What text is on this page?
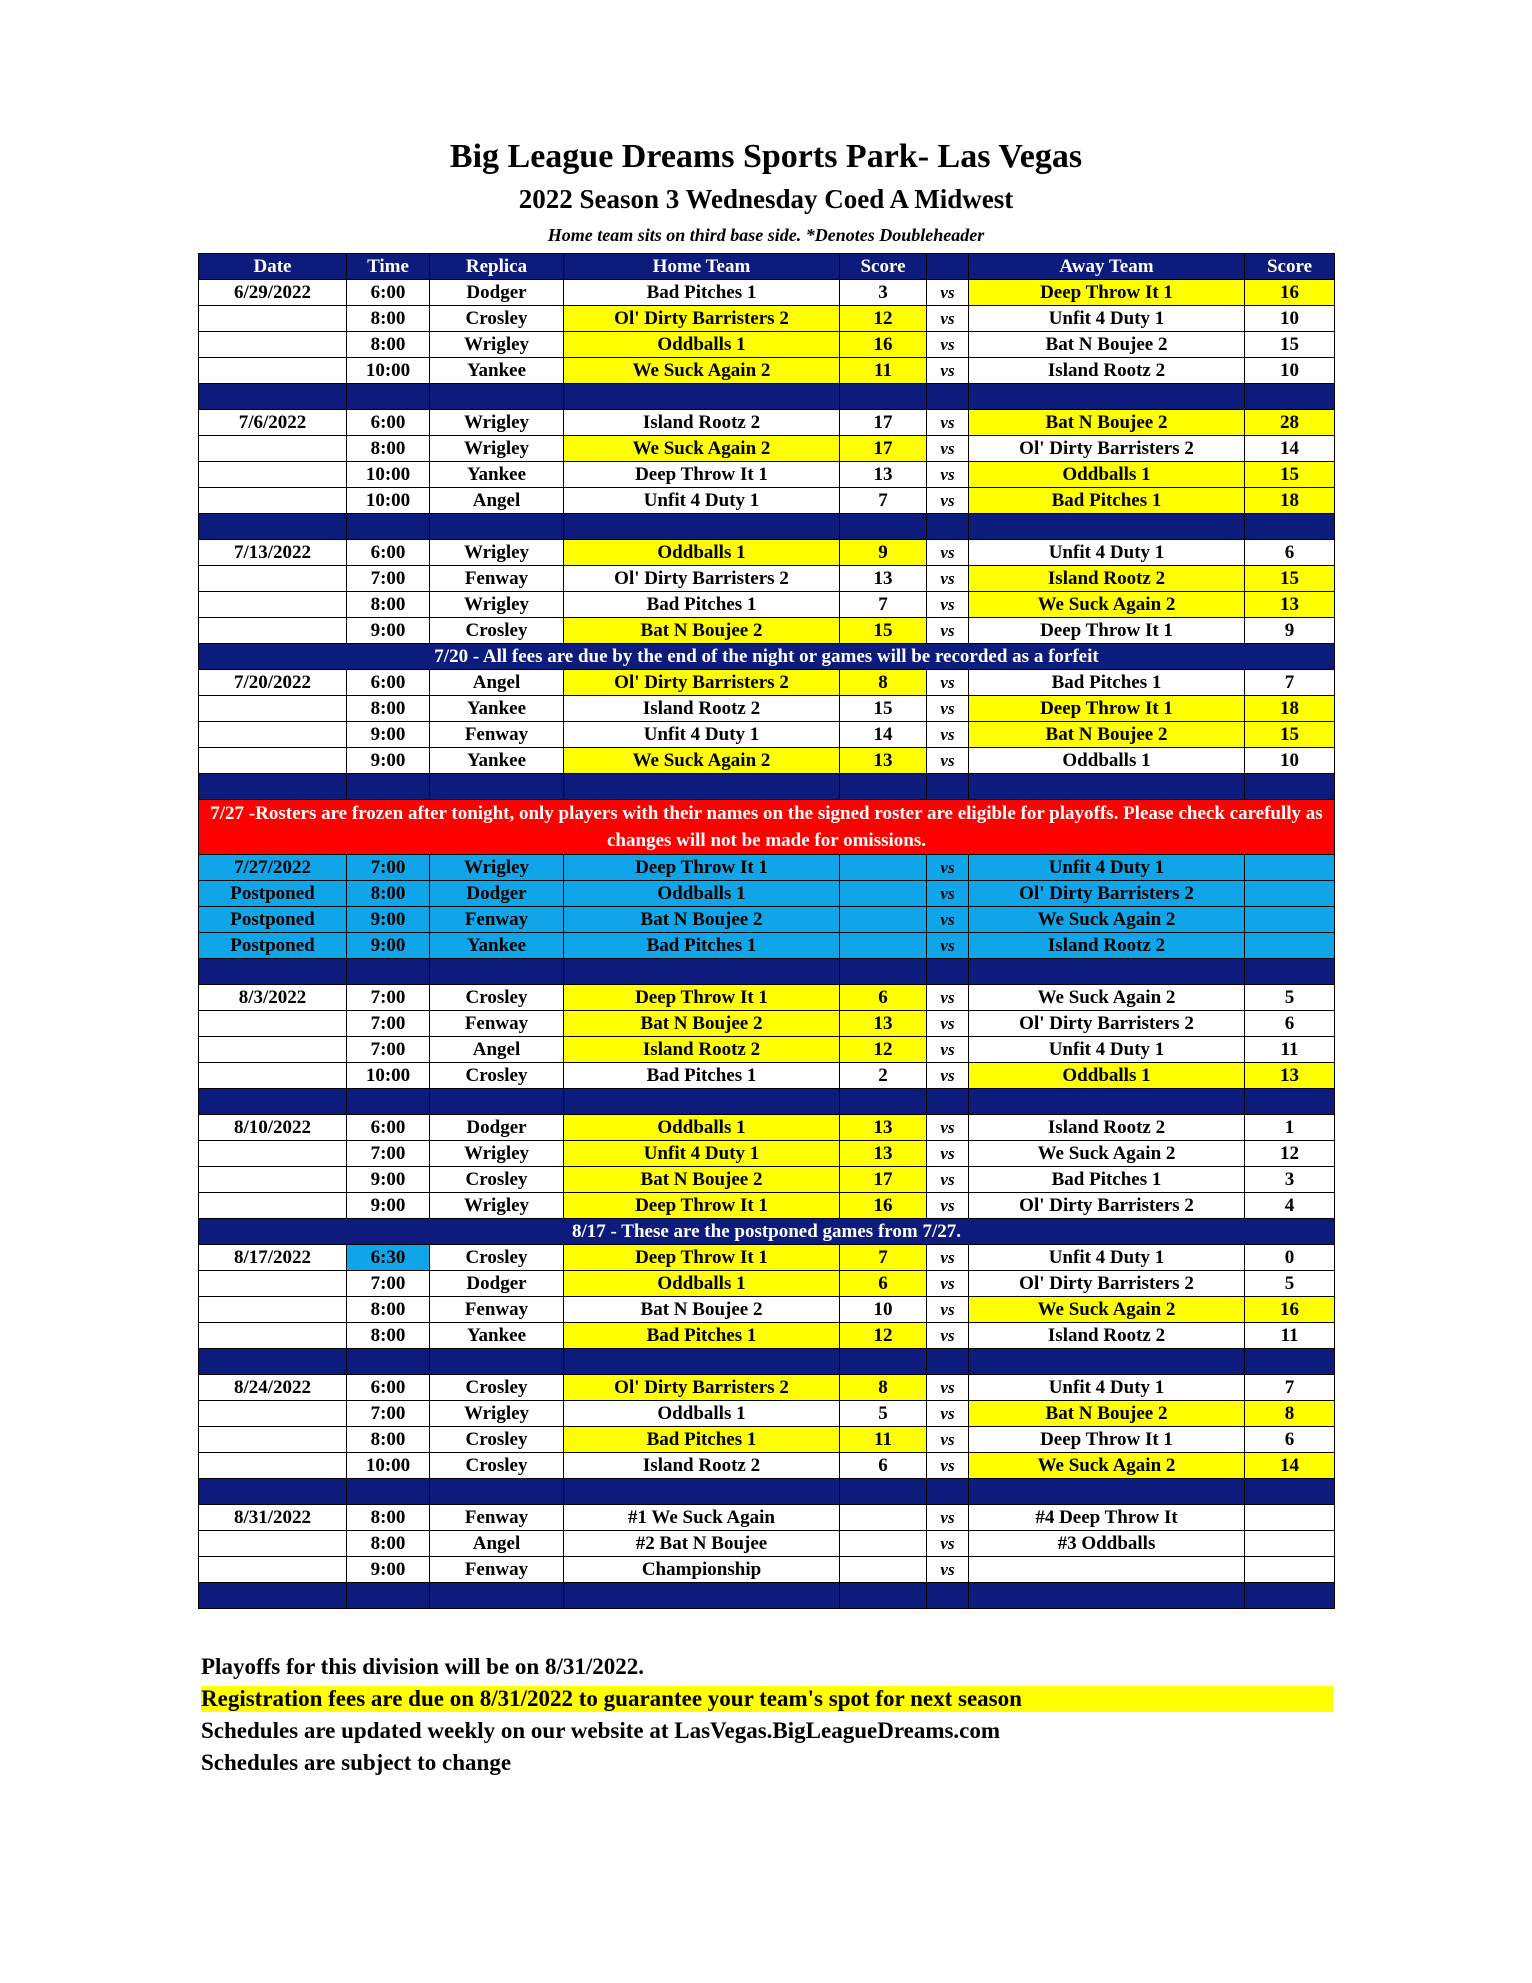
Big League Dreams Sports Park- Las Vegas
2022 Season 3 Wednesday Coed A Midwest
Home team sits on third base side. *Denotes Doubleheader
Date	Time	Replica	Home Team	Score		Away Team	Score
6/29/2022	6:00	Dodger	Bad Pitches 1	3	vs	Deep Throw It 1	16
	8:00	Crosley	Ol' Dirty Barristers 2	12	vs	Unfit 4 Duty 1	10
	8:00	Wrigley	Oddballs 1	16	vs	Bat N Boujee 2	15
	10:00	Yankee	We Suck Again 2	11	vs	Island Rootz 2	10

7/6/2022	6:00	Wrigley	Island Rootz 2	17	vs	Bat N Boujee 2	28
	8:00	Wrigley	We Suck Again 2	17	vs	Ol' Dirty Barristers 2	14
	10:00	Yankee	Deep Throw It 1	13	vs	Oddballs 1	15
	10:00	Angel	Unfit 4 Duty 1	7	vs	Bad Pitches 1	18

7/13/2022	6:00	Wrigley	Oddballs 1	9	vs	Unfit 4 Duty 1	6
	7:00	Fenway	Ol' Dirty Barristers 2	13	vs	Island Rootz 2	15
	8:00	Wrigley	Bad Pitches 1	7	vs	We Suck Again 2	13
	9:00	Crosley	Bat N Boujee 2	15	vs	Deep Throw It 1	9
7/20 - All fees are due by the end of the night or games will be recorded as a forfeit							
7/20/2022	6:00	Angel	Ol' Dirty Barristers 2	8	vs	Bad Pitches 1	7
	8:00	Yankee	Island Rootz 2	15	vs	Deep Throw It 1	18
	9:00	Fenway	Unfit 4 Duty 1	14	vs	Bat N Boujee 2	15
	9:00	Yankee	We Suck Again 2	13	vs	Oddballs 1	10

7/27 -Rosters are frozen after tonight, only players with their names on the signed roster are eligible for playoffs. Please check carefully as changes will not be made for omissions.							
7/27/2022	7:00	Wrigley	Deep Throw It 1		vs	Unfit 4 Duty 1	
Postponed	8:00	Dodger	Oddballs 1		vs	Ol' Dirty Barristers 2	
Postponed	9:00	Fenway	Bat N Boujee 2		vs	We Suck Again 2	
Postponed	9:00	Yankee	Bad Pitches 1		vs	Island Rootz 2	

8/3/2022	7:00	Crosley	Deep Throw It 1	6	vs	We Suck Again 2	5
	7:00	Fenway	Bat N Boujee 2	13	vs	Ol' Dirty Barristers 2	6
	7:00	Angel	Island Rootz 2	12	vs	Unfit 4 Duty 1	11
	10:00	Crosley	Bad Pitches 1	2	vs	Oddballs 1	13

8/10/2022	6:00	Dodger	Oddballs 1	13	vs	Island Rootz 2	1
	7:00	Wrigley	Unfit 4 Duty 1	13	vs	We Suck Again 2	12
	9:00	Crosley	Bat N Boujee 2	17	vs	Bad Pitches 1	3
	9:00	Wrigley	Deep Throw It 1	16	vs	Ol' Dirty Barristers 2	4
8/17 - These are the postponed games from 7/27.							
8/17/2022	6:30	Crosley	Deep Throw It 1	7	vs	Unfit 4 Duty 1	0
	7:00	Dodger	Oddballs 1	6	vs	Ol' Dirty Barristers 2	5
	8:00	Fenway	Bat N Boujee 2	10	vs	We Suck Again 2	16
	8:00	Yankee	Bad Pitches 1	12	vs	Island Rootz 2	11

8/24/2022	6:00	Crosley	Ol' Dirty Barristers 2	8	vs	Unfit 4 Duty 1	7
	7:00	Wrigley	Oddballs 1	5	vs	Bat N Boujee 2	8
	8:00	Crosley	Bad Pitches 1	11	vs	Deep Throw It 1	6
	10:00	Crosley	Island Rootz 2	6	vs	We Suck Again 2	14

8/31/2022	8:00	Fenway	#1 We Suck Again		vs	#4 Deep Throw It	
	8:00	Angel	#2 Bat N Boujee		vs	#3 Oddballs	
	9:00	Fenway	Championship		vs		

Playoffs for this division will be on 8/31/2022.
Registration fees are due on 8/31/2022 to guarantee your team's spot for next season
Schedules are updated weekly on our website at LasVegas.BigLeagueDreams.com
Schedules are subject to change
